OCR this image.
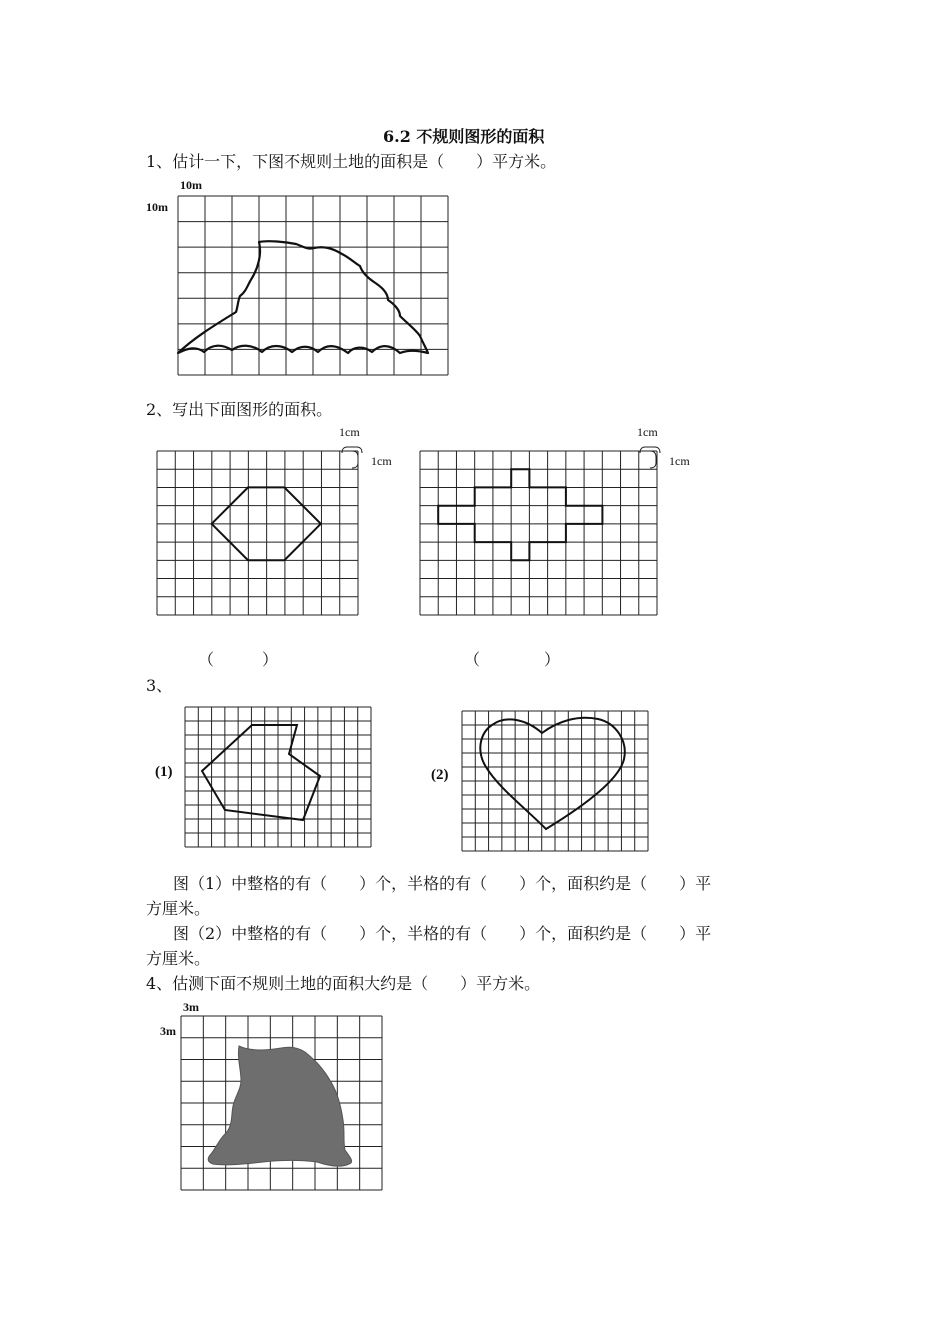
6.2 不规则图形的面积
1、估计一下，下图不规则土地的面积是（　　）平方米。
10m
10m
2、写出下面图形的面积。
1cm
1cm
（　　　）
1cm
1cm
（　　　　）
3、
(1)	(2)
图（1）中整格的有（　　）个，半格的有（　　）个，面积约是（　　）平
方厘米。
图（2）中整格的有（　　）个，半格的有（　　）个，面积约是（　　）平
方厘米。
4、估测下面不规则土地的面积大约是（　　）平方米。
3m
3m
